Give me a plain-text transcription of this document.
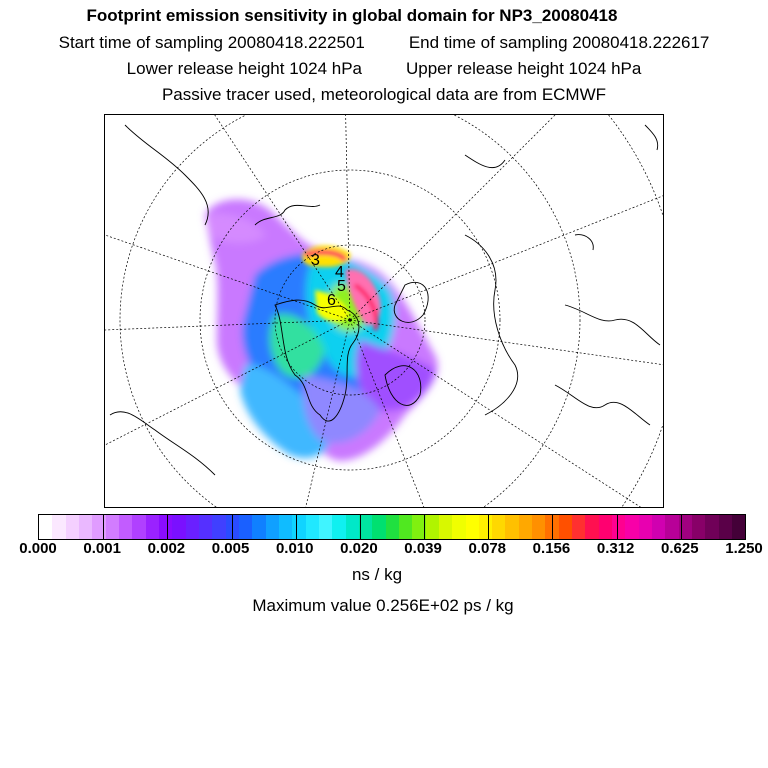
Footprint emission sensitivity in global domain for NP3_20080418
Start time of sampling 20080418.222501	End time of sampling 20080418.222617
Lower release height 1024 hPa	Upper release height 1024 hPa
Passive tracer used, meteorological data are from ECMWF
3
4
5
6
0.000 0.001 0.002 0.005 0.010 0.020 0.039 0.078 0.156 0.312 0.625 1.250
ns / kg
Maximum value 0.256E+02 ps / kg
